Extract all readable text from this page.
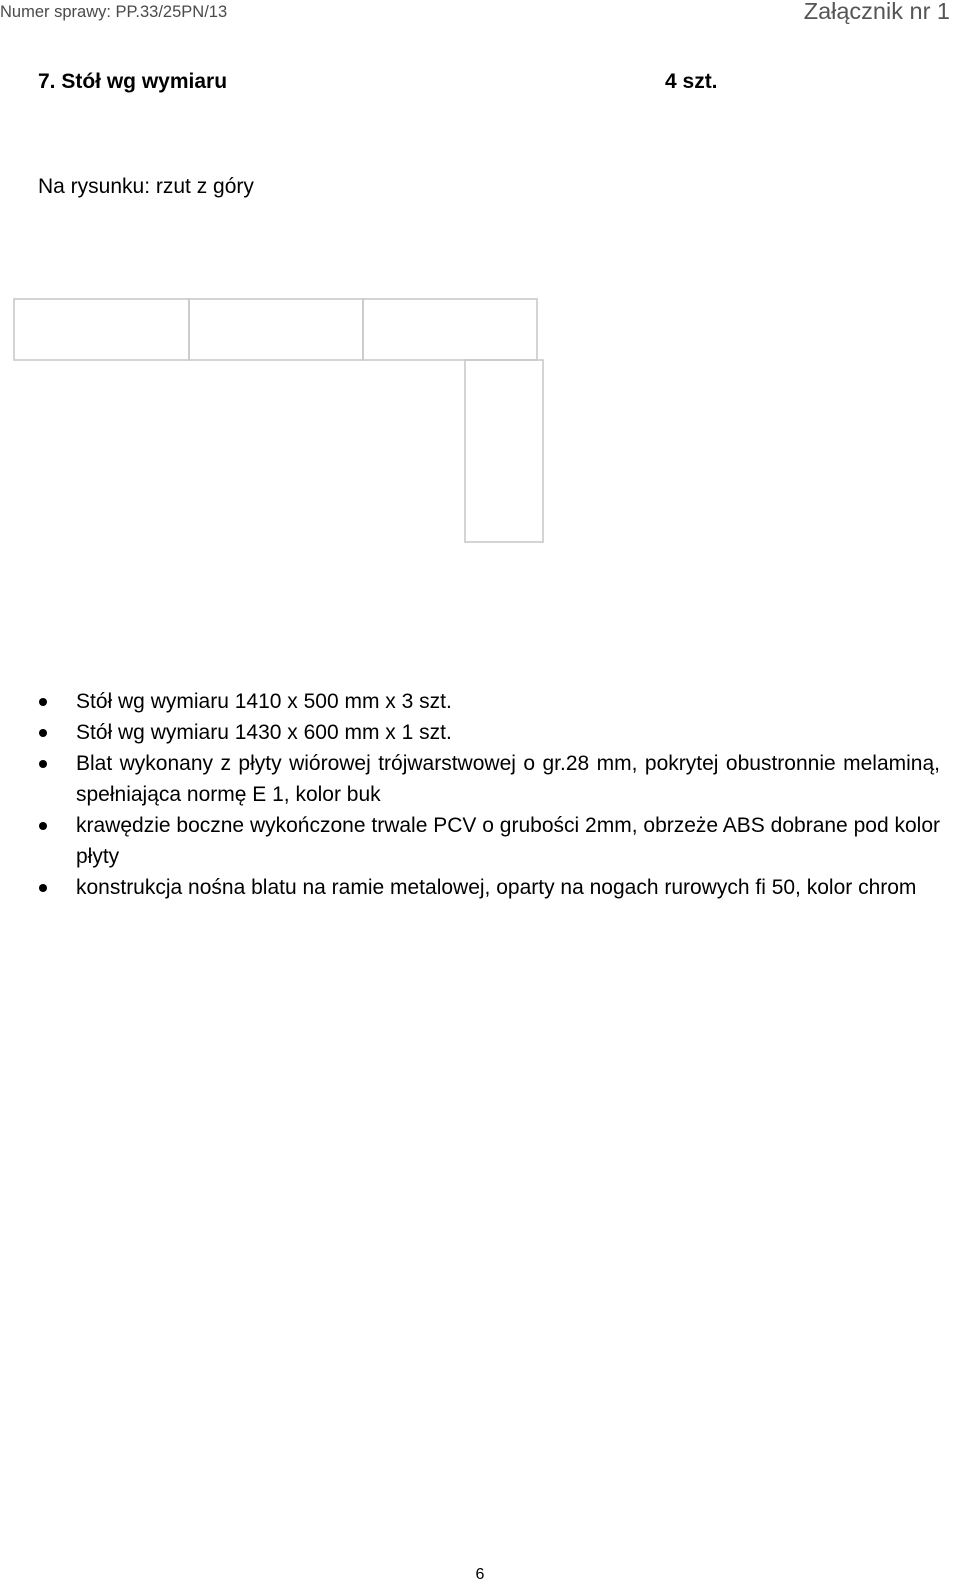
Numer sprawy: PP.33/25PN/13	Załącznik nr 1
7. Stół wg wymiaru	4 szt.
Na rysunku: rzut z góry
Stół wg wymiaru 1410 x 500 mm x 3 szt.
Stół wg wymiaru 1430 x 600 mm x 1 szt.
Blat wykonany z płyty wiórowej trójwarstwowej o gr.28 mm, pokrytej obustronnie melaminą, spełniająca normę E 1, kolor buk
krawędzie boczne wykończone trwale PCV o grubości 2mm, obrzeże ABS dobrane pod kolor płyty
konstrukcja nośna blatu na ramie metalowej, oparty na nogach rurowych fi 50, kolor chrom
6
